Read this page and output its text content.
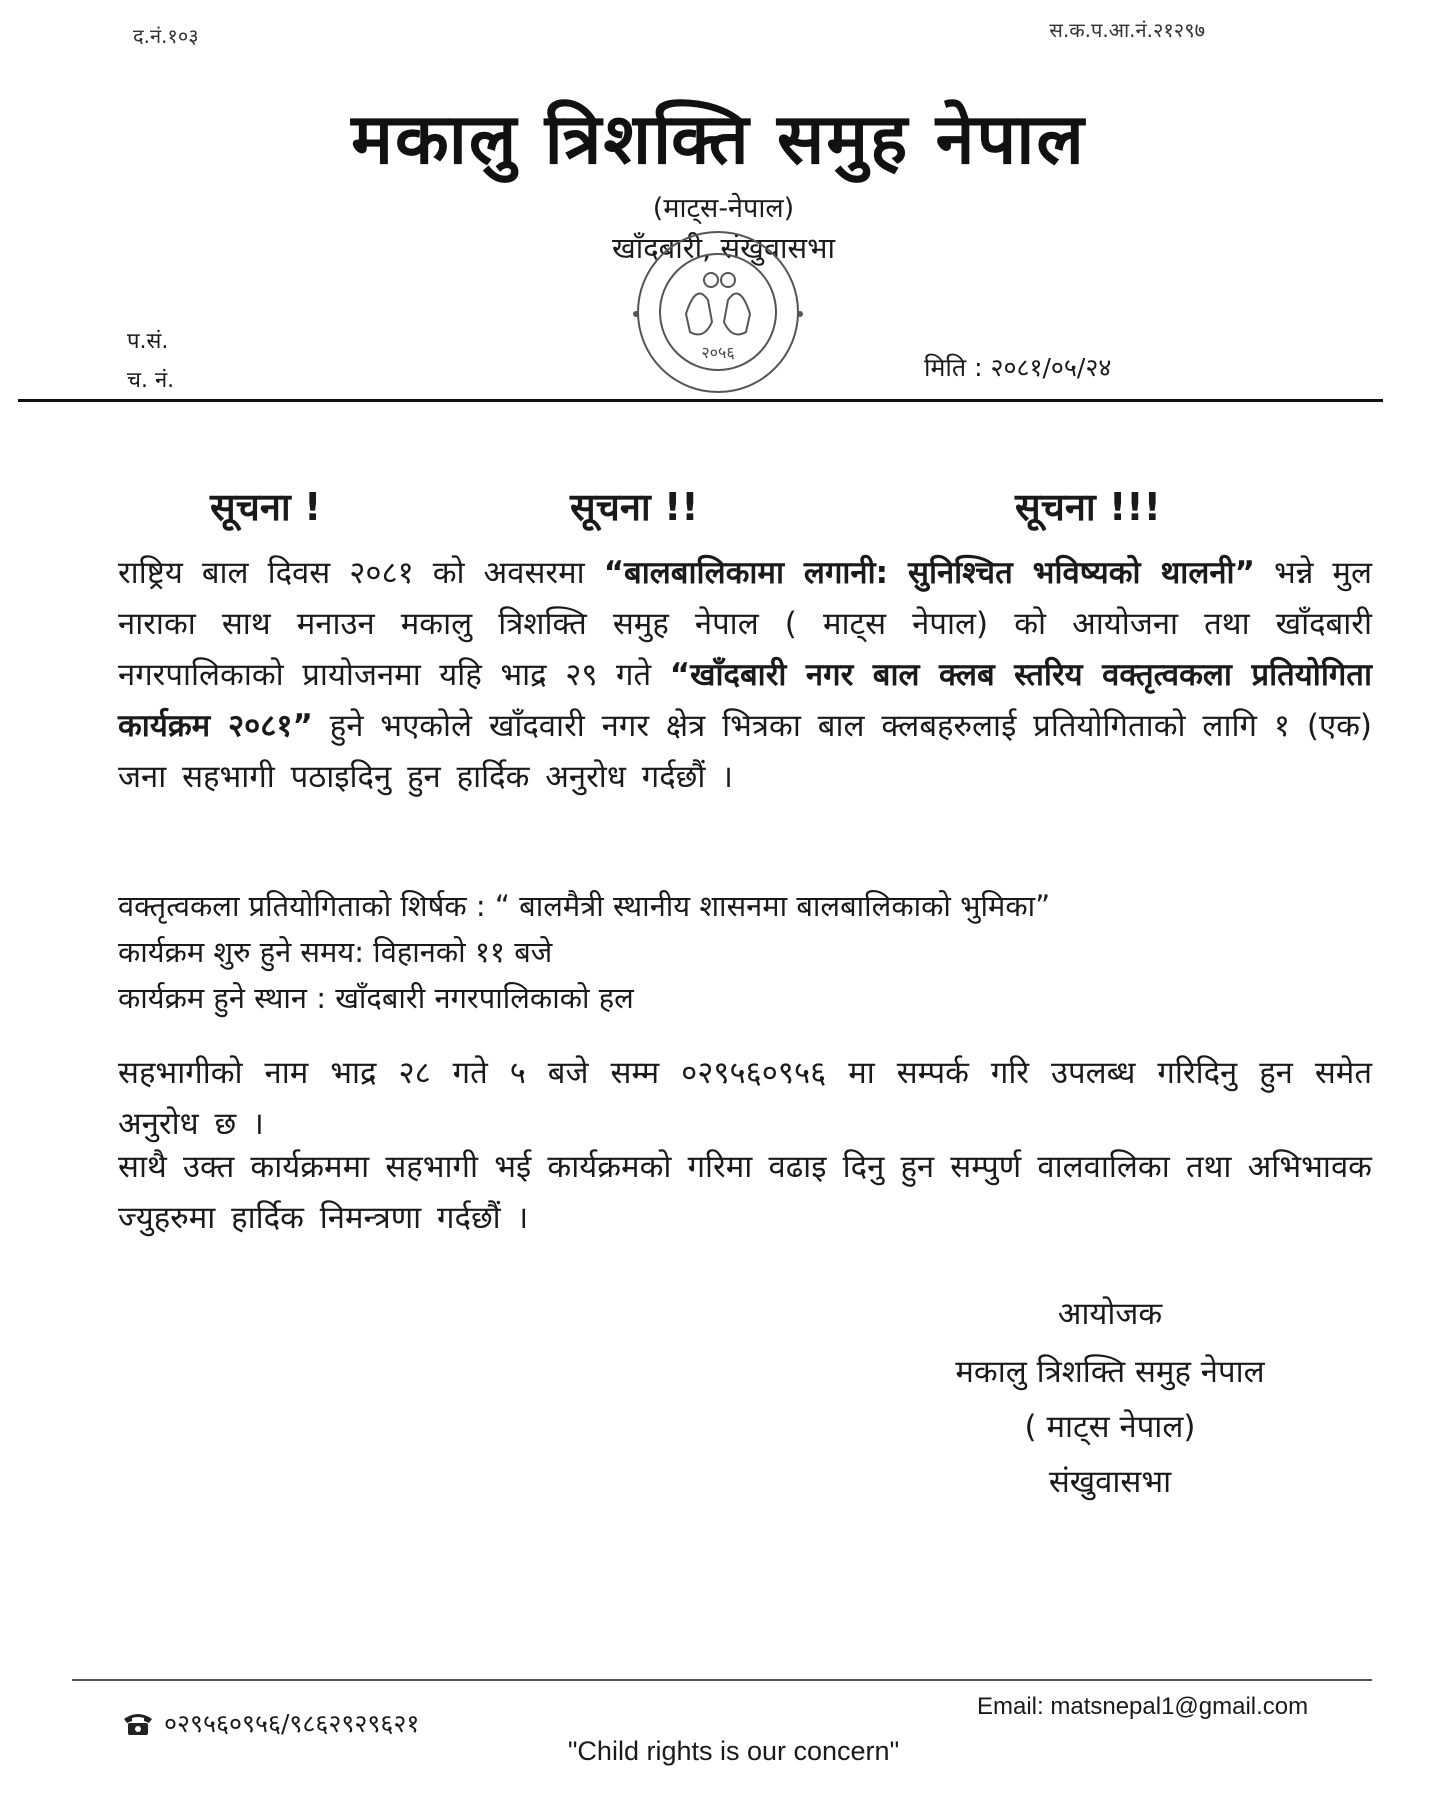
द.नं.१०३	स.क.प.आ.नं.२१२९७
मकालु त्रिशक्ति समुह नेपाल
(माट्स-नेपाल)
खाँदबारी, संखुवासभा
२०५६
प.सं.
च. नं.	मिति : २०८१/०५/२४
सूचना !	सूचना !!	सूचना !!!
राष्ट्रिय बाल दिवस २०८१ को अवसरमा “बालबालिकामा लगानी: सुनिश्चित भविष्यको थालनी” भन्ने मुल नाराका साथ मनाउन मकालु त्रिशक्ति समुह नेपाल ( माट्स नेपाल) को आयोजना तथा खाँदबारी नगरपालिकाको प्रायोजनमा यहि भाद्र २९ गते “खाँदबारी नगर बाल क्लब स्तरिय वक्तृत्वकला प्रतियोगिता कार्यक्रम २०८१” हुने भएकोले खाँदवारी नगर क्षेत्र भित्रका बाल क्लबहरुलाई प्रतियोगिताको लागि १ (एक) जना सहभागी पठाइदिनु हुन हार्दिक अनुरोध गर्दछौं ।
वक्तृत्वकला प्रतियोगिताको शिर्षक : “ बालमैत्री स्थानीय शासनमा बालबालिकाको भुमिका”
कार्यक्रम शुरु हुने समय: विहानको ११ बजे
कार्यक्रम हुने स्थान : खाँदबारी नगरपालिकाको हल
सहभागीको नाम भाद्र २८ गते ५ बजे सम्म ०२९५६०९५६ मा सम्पर्क गरि उपलब्ध गरिदिनु हुन समेत अनुरोध छ ।
साथै उक्त कार्यक्रममा सहभागी भई कार्यक्रमको गरिमा वढाइ दिनु हुन सम्पुर्ण वालवालिका तथा अभिभावक ज्युहरुमा हार्दिक निमन्त्रणा गर्दछौं ।
आयोजक
मकालु त्रिशक्ति समुह नेपाल
( माट्स नेपाल)
संखुवासभा
०२९५६०९५६/९८६२९२९६२१
Email: matsnepal1@gmail.com
"Child rights is our concern"
